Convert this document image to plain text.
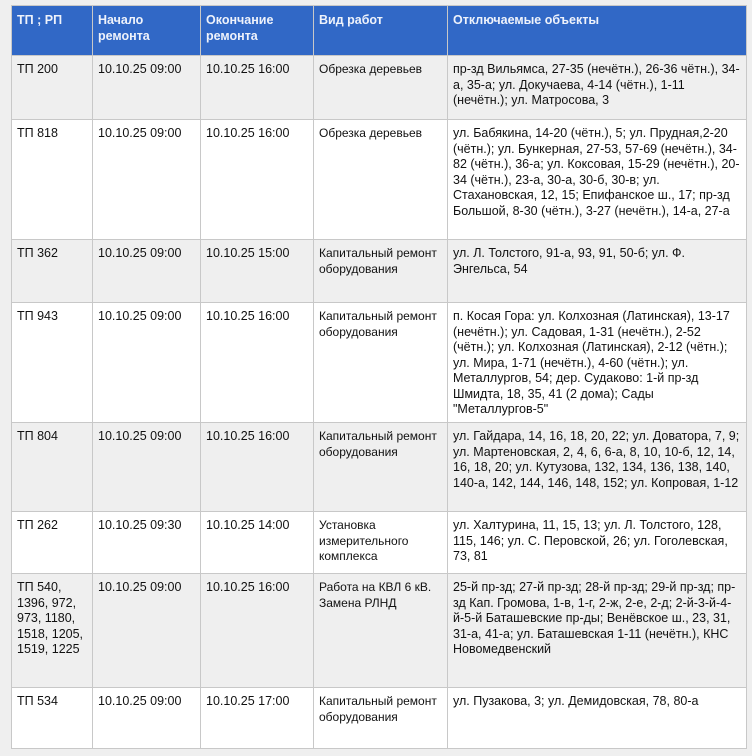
ТП ; РП	Начало ремонта	Окончание ремонта	Вид работ	Отключаемые объекты
ТП 200	10.10.25 09:00	10.10.25 16:00	Обрезка деревьев	пр-зд Вильямса, 27-35 (нечётн.), 26-36 чётн.), 34-а, 35-а; ул. Докучаева, 4-14 (чётн.), 1-11 (нечётн.); ул. Матросова, 3
ТП 818	10.10.25 09:00	10.10.25 16:00	Обрезка деревьев	ул. Бабякина, 14-20 (чётн.), 5; ул. Прудная,2-20 (чётн.); ул. Бункерная, 27-53, 57-69 (нечётн.), 34-82 (чётн.), 36-а; ул. Коксовая, 15-29 (нечётн.), 20-34 (чётн.), 23-а, 30-а, 30-б, 30-в; ул. Стахановская, 12, 15; Епифанское ш., 17; пр-зд Большой, 8-30 (чётн.), 3-27 (нечётн.), 14-а, 27-а
ТП 362	10.10.25 09:00	10.10.25 15:00	Капитальный ремонт оборудования	ул. Л. Толстого, 91-а, 93, 91, 50-б; ул. Ф. Энгельса, 54
ТП 943	10.10.25 09:00	10.10.25 16:00	Капитальный ремонт оборудования	п. Косая Гора: ул. Колхозная (Латинская), 13-17 (нечётн.); ул. Садовая, 1-31 (нечётн.), 2-52 (чётн.); ул. Колхозная (Латинская), 2-12 (чётн.); ул. Мира, 1-71 (нечётн.), 4-60 (чётн.); ул. Металлургов, 54; дер. Судаково: 1-й пр-зд Шмидта, 18, 35, 41 (2 дома); Сады "Металлургов-5"
ТП 804	10.10.25 09:00	10.10.25 16:00	Капитальный ремонт оборудования	ул. Гайдара, 14, 16, 18, 20, 22; ул. Доватора, 7, 9; ул. Мартеновская, 2, 4, 6, 6-а, 8, 10, 10-б, 12, 14, 16, 18, 20; ул. Кутузова, 132, 134, 136, 138, 140, 140-а, 142, 144, 146, 148, 152; ул. Копровая, 1-12
ТП 262	10.10.25 09:30	10.10.25 14:00	Установка измерительного комплекса	ул. Халтурина, 11, 15, 13; ул. Л. Толстого, 128, 115, 146; ул. С. Перовской, 26; ул. Гоголевская, 73, 81
ТП 540, 1396, 972, 973, 1180, 1518, 1205, 1519, 1225	10.10.25 09:00	10.10.25 16:00	Работа на КВЛ 6 кВ. Замена РЛНД	25-й пр-зд; 27-й пр-зд; 28-й пр-зд; 29-й пр-зд; пр-зд Кап. Громова, 1-в, 1-г, 2-ж, 2-е, 2-д; 2-й-3-й-4-й-5-й Баташевские пр-ды; Венёвское ш., 23, 31, 31-а, 41-а; ул. Баташевская 1-11 (нечётн.), КНС Новомедвенский
ТП 534	10.10.25 09:00	10.10.25 17:00	Капитальный ремонт оборудования	ул. Пузакова, 3; ул. Демидовская, 78, 80-а
